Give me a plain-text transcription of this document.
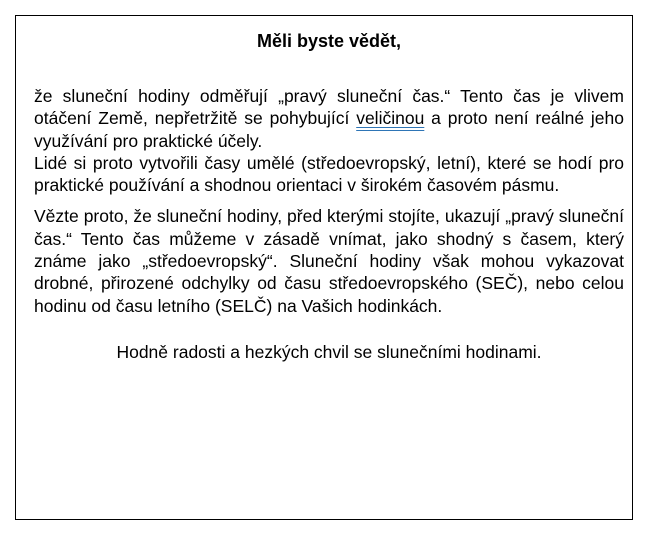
Měli byste vědět,

že sluneční hodiny odměřují „pravý sluneční čas.“ Tento čas je vlivem otáčení Země, nepřetržitě se pohybující veličinou a proto není reálné jeho využívání pro praktické účely.

Lidé si proto vytvořili časy umělé (středoevropský, letní), které se hodí pro praktické používání a shodnou orientaci v širokém časovém pásmu.

Vězte proto, že sluneční hodiny, před kterými stojíte, ukazují „pravý sluneční čas.“ Tento čas můžeme v zásadě vnímat, jako shodný s časem, který známe jako „středoevropský“. Sluneční hodiny však mohou vykazovat drobné, přirozené odchylky od času středoevropského (SEČ), nebo celou hodinu od času letního (SELČ) na Vašich hodinkách.

Hodně radosti a hezkých chvil se slunečními hodinami.
